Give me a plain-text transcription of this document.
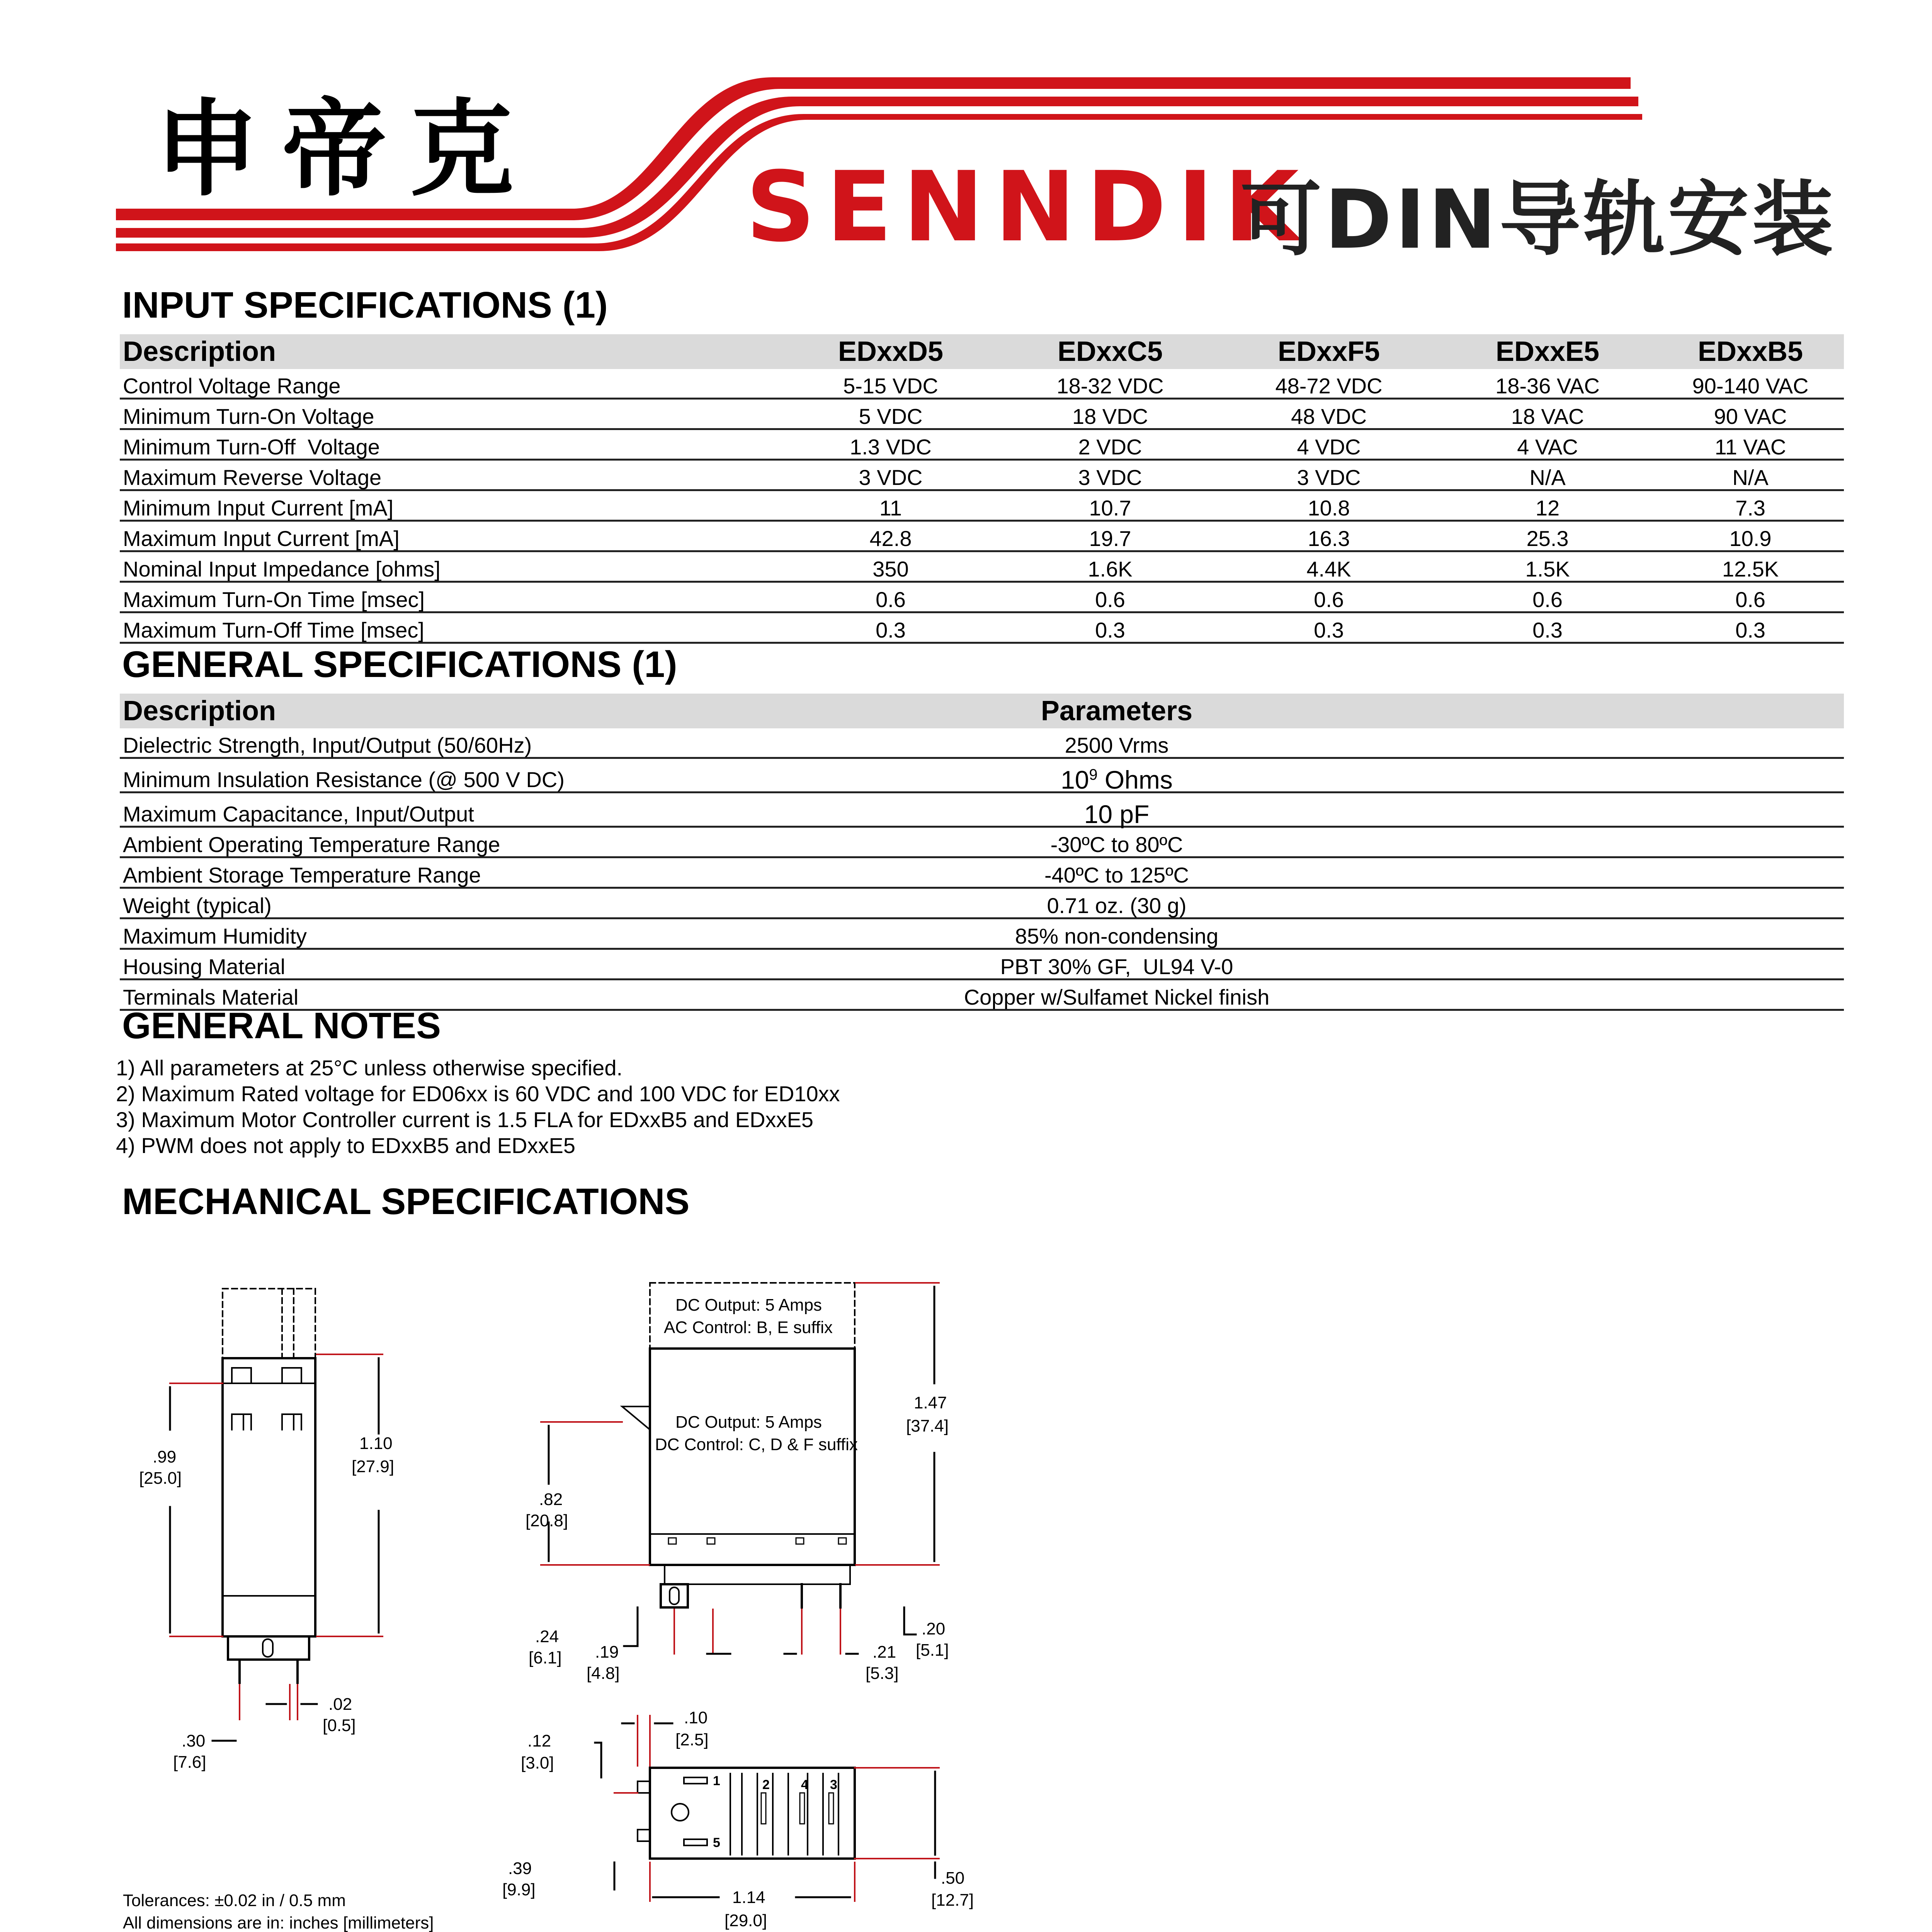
申帝克 SENNDIK
可DIN导轨安装
INPUT SPECIFICATIONS (1)
Description	EDxxD5	EDxxC5	EDxxF5	EDxxE5	EDxxB5
Control Voltage Range	5-15 VDC	18-32 VDC	48-72 VDC	18-36 VAC	90-140 VAC
Minimum Turn-On Voltage	5 VDC	18 VDC	48 VDC	18 VAC	90 VAC
Minimum Turn-Off  Voltage	1.3 VDC	2 VDC	4 VDC	4 VAC	11 VAC
Maximum Reverse Voltage	3 VDC	3 VDC	3 VDC	N/A	N/A
Minimum Input Current [mA]	11	10.7	10.8	12	7.3
Maximum Input Current [mA]	42.8	19.7	16.3	25.3	10.9
Nominal Input Impedance [ohms]	350	1.6K	4.4K	1.5K	12.5K
Maximum Turn-On Time [msec]	0.6	0.6	0.6	0.6	0.6
Maximum Turn-Off Time [msec]	0.3	0.3	0.3	0.3	0.3
GENERAL SPECIFICATIONS (1)
Description	Parameters	
Dielectric Strength, Input/Output (50/60Hz)	2500 Vrms	
Minimum Insulation Resistance (@ 500 V DC)	$10^9$ Ohms	
Maximum Capacitance, Input/Output	10 pF	
Ambient Operating Temperature Range	-30ºC to 80ºC	
Ambient Storage Temperature Range	-40ºC to 125ºC	
Weight (typical)	0.71 oz. (30 g)	
Maximum Humidity	85% non-condensing	
Housing Material	PBT 30% GF,  UL94 V-0	
Terminals Material	Copper w/Sulfamet Nickel finish	
GENERAL NOTES
1) All parameters at 25°C unless otherwise specified.
2) Maximum Rated voltage for ED06xx is 60 VDC and 100 VDC for ED10xx
3) Maximum Motor Controller current is 1.5 FLA for EDxxB5 and EDxxE5
4) PWM does not apply to EDxxB5 and EDxxE5
MECHANICAL SPECIFICATIONS
.99
[25.0]
1.10
[27.9]
.02
[0.5]
.30
[7.6]
DC Output: 5 Amps
AC Control: B, E suffix
DC Output: 5 Amps
DC Control: C, D & F suffix
1.47
[37.4]
.82
[20.8]
.24
[6.1] .19
[4.8]
.21
[5.3]
.20
[5.1]
1
5
2 4 3
.12
[3.0]
.10
[2.5]
.39
[9.9]	1.14
[29.0]
.50
[12.7]
Tolerances: ±0.02 in / 0.5 mm
All dimensions are in: inches [millimeters]
